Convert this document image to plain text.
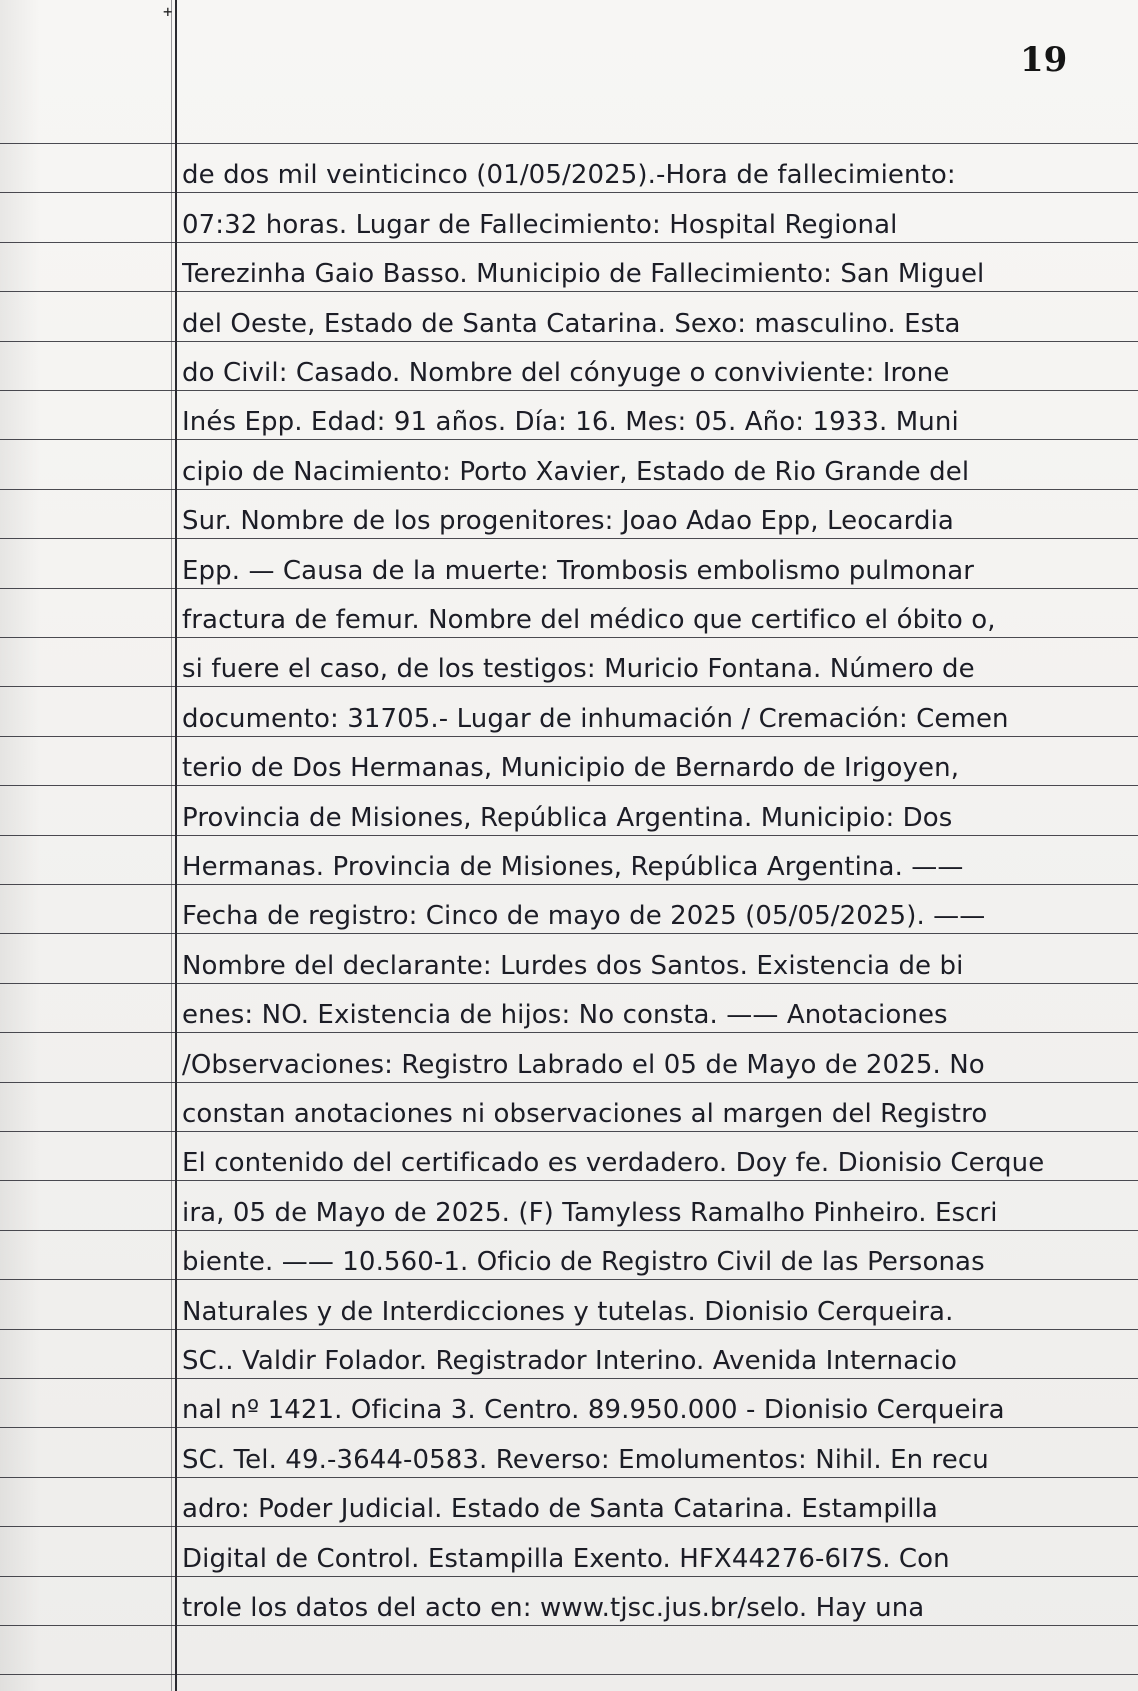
+
19
de dos mil veinticinco (01/05/2025).-Hora de fallecimiento:
07:32 horas. Lugar de Fallecimiento: Hospital Regional
Terezinha Gaio Basso. Municipio de Fallecimiento: San Miguel
del Oeste, Estado de Santa Catarina. Sexo: masculino. Esta
do Civil: Casado. Nombre del cónyuge o conviviente: Irone
Inés Epp. Edad: 91 años. Día: 16. Mes: 05. Año: 1933. Muni
cipio de Nacimiento: Porto Xavier, Estado de Rio Grande del
Sur. Nombre de los progenitores: Joao Adao Epp, Leocardia
Epp. — Causa de la muerte: Trombosis embolismo pulmonar
fractura de femur. Nombre del médico que certifico el óbito o,
si fuere el caso, de los testigos: Muricio Fontana. Número de
documento: 31705.- Lugar de inhumación / Cremación: Cemen
terio de Dos Hermanas, Municipio de Bernardo de Irigoyen,
Provincia de Misiones, República Argentina. Municipio: Dos
Hermanas. Provincia de Misiones, República Argentina. ——
Fecha de registro: Cinco de mayo de 2025 (05/05/2025). ——
Nombre del declarante: Lurdes dos Santos. Existencia de bi
enes: NO. Existencia de hijos: No consta. —— Anotaciones
/Observaciones: Registro Labrado el 05 de Mayo de 2025. No
constan anotaciones ni observaciones al margen del Registro
El contenido del certificado es verdadero. Doy fe. Dionisio Cerque
ira, 05 de Mayo de 2025. (F) Tamyless Ramalho Pinheiro. Escri
biente. —— 10.560-1. Oficio de Registro Civil de las Personas
Naturales y de Interdicciones y tutelas. Dionisio Cerqueira.
SC.. Valdir Folador. Registrador Interino. Avenida Internacio
nal nº 1421. Oficina 3. Centro. 89.950.000 - Dionisio Cerqueira
SC. Tel. 49.-3644-0583. Reverso: Emolumentos: Nihil. En recu
adro: Poder Judicial. Estado de Santa Catarina. Estampilla
Digital de Control. Estampilla Exento. HFX44276-6I7S. Con
trole los datos del acto en: www.tjsc.jus.br/selo. Hay una
